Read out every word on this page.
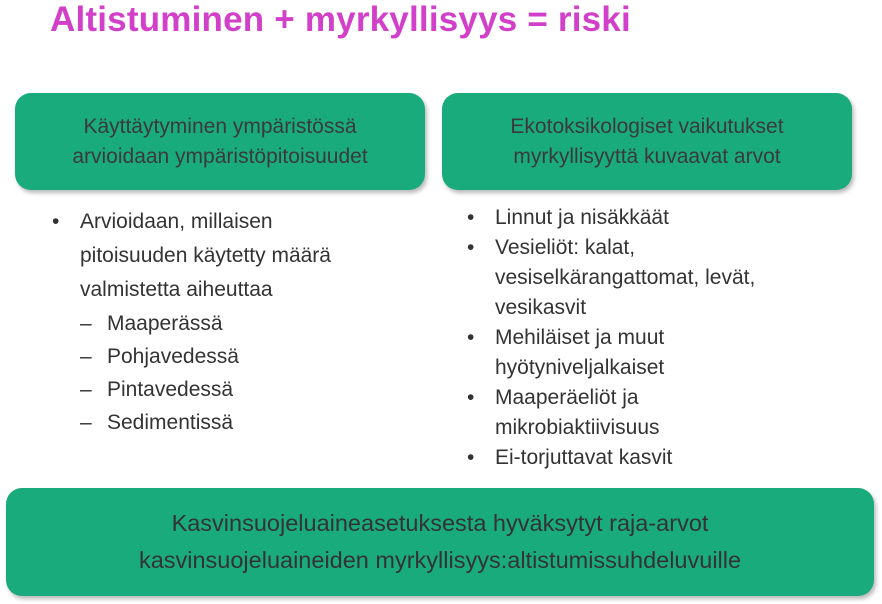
Altistuminen + myrkyllisyys = riski
Käyttäytyminen ympäristössä
arvioidaan ympäristöpitoisuudet
Ekotoksikologiset vaikutukset
myrkyllisyyttä kuvaavat arvot
• Arvioidaan, millaisen
pitoisuuden käytetty määrä
valmistetta aiheuttaa
– Maaperässä
– Pohjavedessä
– Pintavedessä
– Sedimentissä
• Linnut ja nisäkkäät
• Vesieliöt: kalat,
vesiselkärangattomat, levät,
vesikasvit
• Mehiläiset ja muut
hyötyniveljalkaiset
• Maaperäeliöt ja
mikrobiaktiivisuus
• Ei-torjuttavat kasvit
Kasvinsuojeluaineasetuksesta hyväksytyt raja-arvot
kasvinsuojeluaineiden myrkyllisyys:altistumissuhdeluvuille
